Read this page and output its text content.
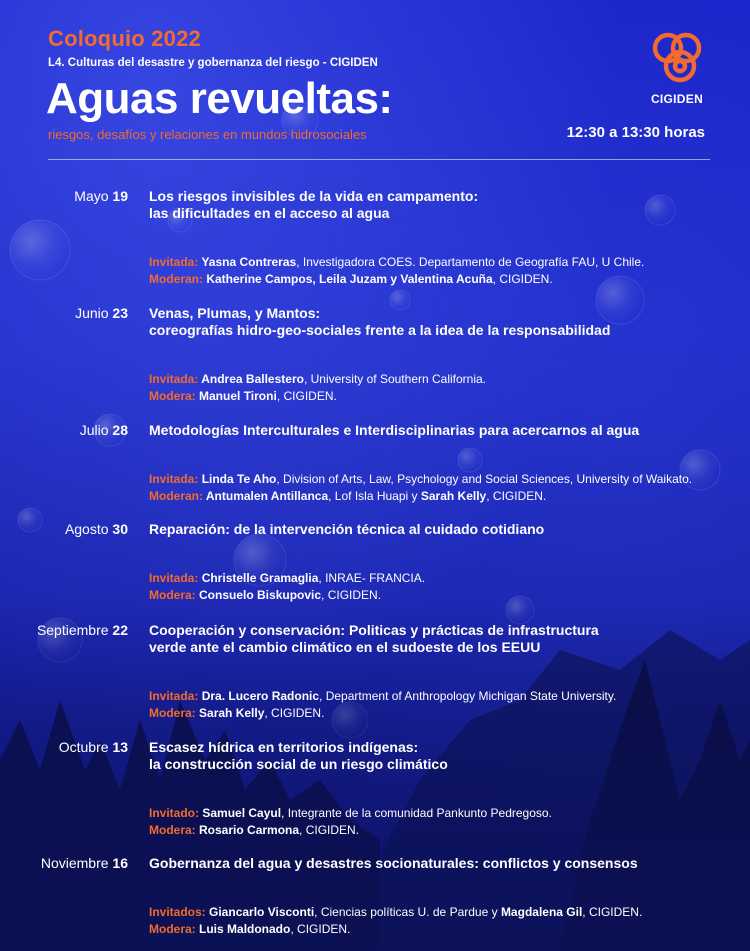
Coloquio 2022
L4. Culturas del desastre y gobernanza del riesgo - CIGIDEN
Aguas revueltas:
riesgos, desafíos y relaciones en mundos hidrosociales	12:30 a 13:30 horas
CIGIDEN
Mayo 19 Los riesgos invisibles de la vida en campamento:
las dificultades en el acceso al agua
Invitada: Yasna Contreras, Investigadora COES. Departamento de Geografía FAU, U Chile.
Moderan: Katherine Campos, Leila Juzam y Valentina Acuña, CIGIDEN.
Junio 23 Venas, Plumas, y Mantos:
coreografías hidro-geo-sociales frente a la idea de la responsabilidad
Invitada: Andrea Ballestero, University of Southern California.
Modera: Manuel Tironi, CIGIDEN.
Julio 28 Metodologías Interculturales e Interdisciplinarias para acercarnos al agua
Invitada: Linda Te Aho, Division of Arts, Law, Psychology and Social Sciences, University of Waikato.
Moderan: Antumalen Antillanca, Lof Isla Huapi y Sarah Kelly, CIGIDEN.
Agosto 30 Reparación: de la intervención técnica al cuidado cotidiano
Invitada: Christelle Gramaglia, INRAE- FRANCIA.
Modera: Consuelo Biskupovic, CIGIDEN.
Septiembre 22 Cooperación y conservación: Politicas y prácticas de infrastructura
verde ante el cambio climático en el sudoeste de los EEUU
Invitada: Dra. Lucero Radonic, Department of Anthropology Michigan State University.
Modera: Sarah Kelly, CIGIDEN.
Octubre 13 Escasez hídrica en territorios indígenas:
la construcción social de un riesgo climático
Invitado: Samuel Cayul, Integrante de la comunidad Pankunto Pedregoso.
Modera: Rosario Carmona, CIGIDEN.
Noviembre 16 Gobernanza del agua y desastres socionaturales: conflictos y consensos
Invitados: Giancarlo Visconti, Ciencias políticas U. de Pardue y Magdalena Gil, CIGIDEN.
Modera: Luis Maldonado, CIGIDEN.
